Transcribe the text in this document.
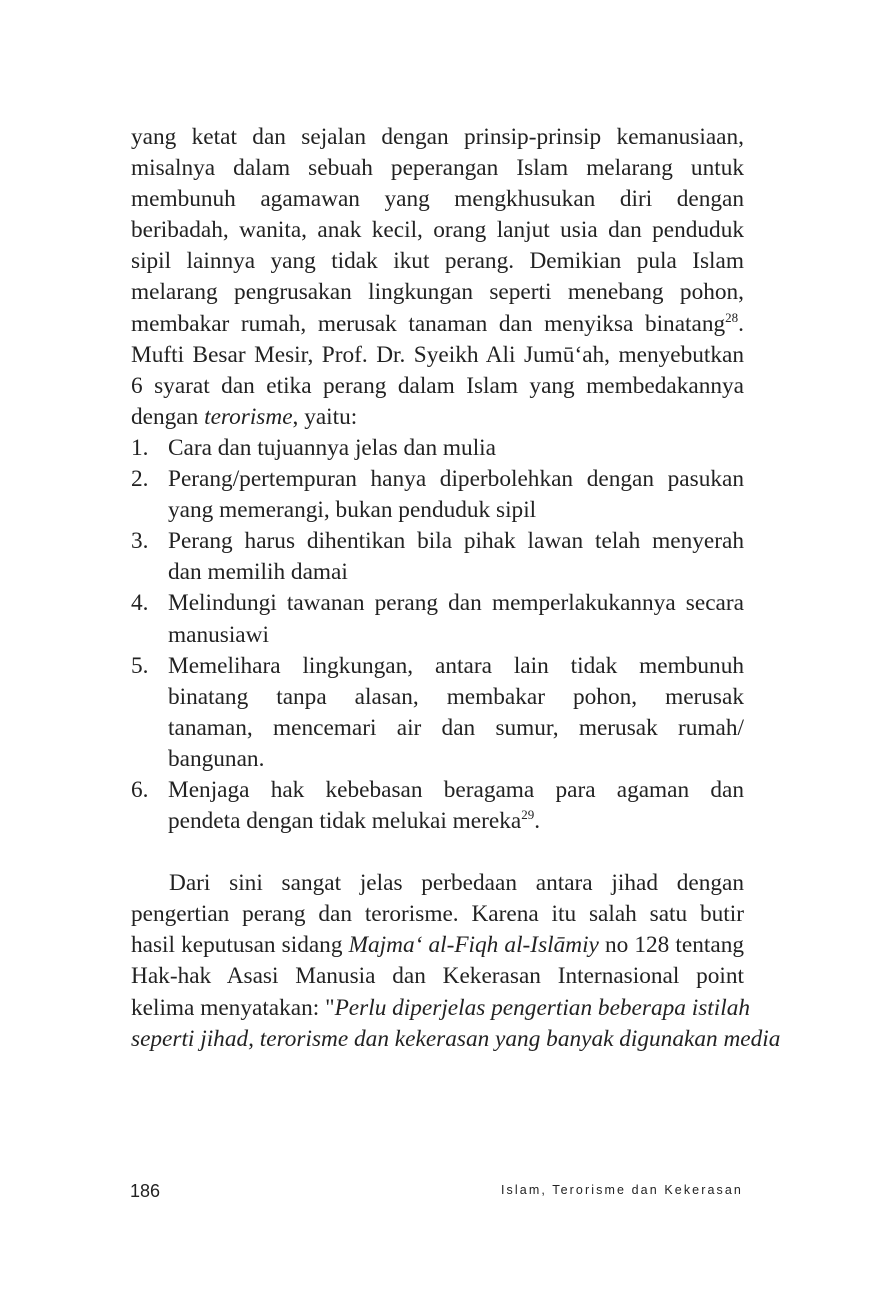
yang ketat dan sejalan dengan prinsip-prinsip kemanusiaan,
misalnya dalam sebuah peperangan Islam melarang untuk
membunuh agamawan yang mengkhusukan diri dengan
beribadah, wanita, anak kecil, orang lanjut usia dan penduduk
sipil lainnya yang tidak ikut perang. Demikian pula Islam
melarang pengrusakan lingkungan seperti menebang pohon,
membakar rumah, merusak tanaman dan menyiksa binatang$^{28}$.
Mufti Besar Mesir, Prof. Dr. Syeikh Ali Jumū‘ah, menyebutkan
6 syarat dan etika perang dalam Islam yang membedakannya
dengan terorisme, yaitu:
1. Cara dan tujuannya jelas dan mulia
2. Perang/pertempuran hanya diperbolehkan dengan pasukan
yang memerangi, bukan penduduk sipil
3. Perang harus dihentikan bila pihak lawan telah menyerah
dan memilih damai
4. Melindungi tawanan perang dan memperlakukannya secara
manusiawi
5. Memelihara lingkungan, antara lain tidak membunuh
binatang tanpa alasan, membakar pohon, merusak
tanaman, mencemari air dan sumur, merusak rumah/
bangunan.
6. Menjaga hak kebebasan beragama para agaman dan
pendeta dengan tidak melukai mereka$^{29}$.
Dari sini sangat jelas perbedaan antara jihad dengan
pengertian perang dan terorisme. Karena itu salah satu butir
hasil keputusan sidang Majma‘ al-Fiqh al-Islāmiy no 128 tentang
Hak-hak Asasi Manusia dan Kekerasan Internasional point
kelima menyatakan: "Perlu diperjelas pengertian beberapa istilah
seperti jihad, terorisme dan kekerasan yang banyak digunakan media
186	Islam, Terorisme dan Kekerasan
